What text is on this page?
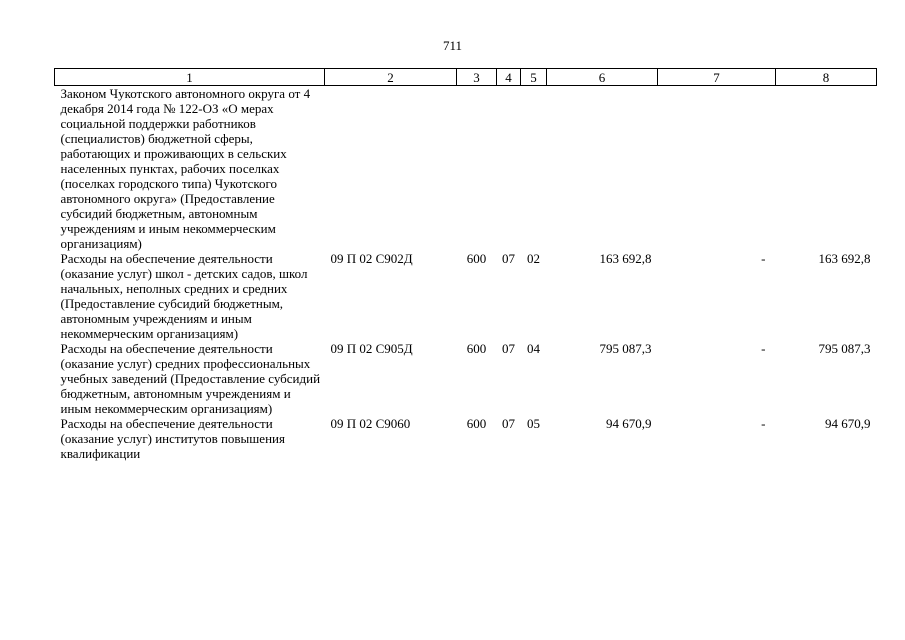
711
1	2	3	4	5	6	7	8
Законом Чукотского автономного округа от 4 декабря 2014 года № 122-ОЗ «О мерах социальной поддержки работников (специалистов) бюджетной сферы, работающих и проживающих в сельских населенных пунктах, рабочих поселках (поселках городского типа) Чукотского автономного округа» (Предоставление субсидий бюджетным, автономным учреждениям и иным некоммерческим организациям)							
Расходы на обеспечение деятельности (оказание услуг) школ - детских садов, школ начальных, неполных средних и средних (Предоставление субсидий бюджетным, автономным учреждениям и иным некоммерческим организациям)	09 П 02 С902Д	600	07	02	163 692,8	-	163 692,8
Расходы на обеспечение деятельности (оказание услуг) средних профессиональных учебных заведений (Предоставление субсидий бюджетным, автономным учреждениям и иным некоммерческим организациям)	09 П 02 С905Д	600	07	04	795 087,3	-	795 087,3
Расходы на обеспечение деятельности (оказание услуг) институтов повышения квалификации	09 П 02 С9060	600	07	05	94 670,9	-	94 670,9
